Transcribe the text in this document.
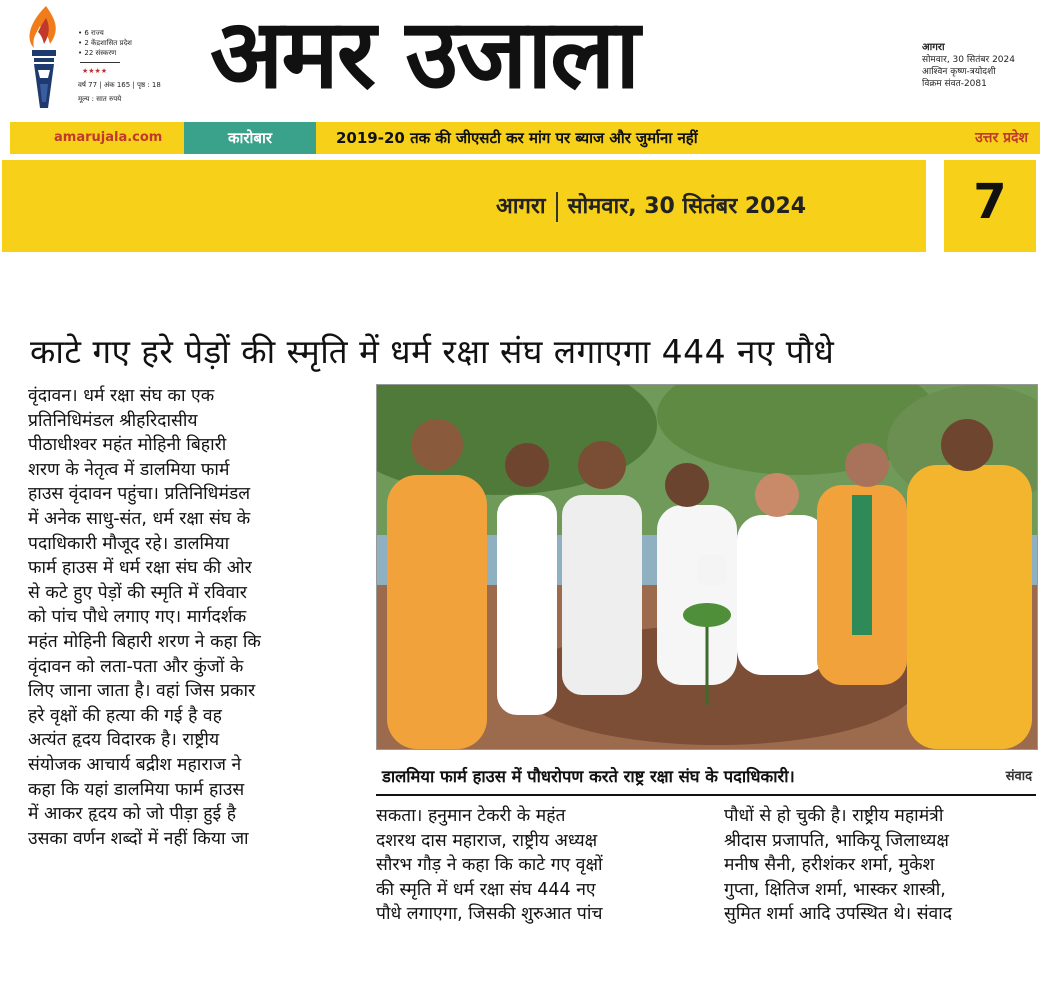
• 6 राज्य
• 2 केंद्रशासित प्रदेश
• 22 संस्करण
★★★★
वर्ष 77 | अंक 165 | पृष्ठ : 18
मूल्य : सात रुपये अमर उजाला	आगरा
सोमवार, 30 सितंबर 2024
आश्विन कृष्ण-त्रयोदशी
विक्रम संवत-2081
amarujala.com	कारोबार	2019-20 तक की जीएसटी कर मांग पर ब्याज और जुर्माना नहीं	उत्तर प्रदेश
आगरा सोमवार, 30 सितंबर 2024	7
काटे गए हरे पेड़ों की स्मृति में धर्म रक्षा संघ लगाएगा 444 नए पौधे
वृंदावन। धर्म रक्षा संघ का एक
प्रतिनिधिमंडल श्रीहरिदासीय
पीठाधीश्वर महंत मोहिनी बिहारी
शरण के नेतृत्व में डालमिया फार्म
हाउस वृंदावन पहुंचा। प्रतिनिधिमंडल
में अनेक साधु-संत, धर्म रक्षा संघ के
पदाधिकारी मौजूद रहे। डालमिया
फार्म हाउस में धर्म रक्षा संघ की ओर
से कटे हुए पेड़ों की स्मृति में रविवार
को पांच पौधे लगाए गए। मार्गदर्शक
महंत मोहिनी बिहारी शरण ने कहा कि
वृंदावन को लता-पता और कुंजों के
लिए जाना जाता है। वहां जिस प्रकार
हरे वृक्षों की हत्या की गई है वह
अत्यंत हृदय विदारक है। राष्ट्रीय
संयोजक आचार्य बद्रीश महाराज ने
कहा कि यहां डालमिया फार्म हाउस
में आकर हृदय को जो पीड़ा हुई है
उसका वर्णन शब्दों में नहीं किया जा
डालमिया फार्म हाउस में पौधरोपण करते राष्ट्र रक्षा संघ के पदाधिकारी।	संवाद
सकता। हनुमान टेकरी के महंत
दशरथ दास महाराज, राष्ट्रीय अध्यक्ष
सौरभ गौड़ ने कहा कि काटे गए वृक्षों
की स्मृति में धर्म रक्षा संघ 444 नए
पौधे लगाएगा, जिसकी शुरुआत पांच
पौधों से हो चुकी है। राष्ट्रीय महामंत्री
श्रीदास प्रजापति, भाकियू जिलाध्यक्ष
मनीष सैनी, हरीशंकर शर्मा, मुकेश
गुप्ता, क्षितिज शर्मा, भास्कर शास्त्री,
सुमित शर्मा आदि उपस्थित थे। संवाद
